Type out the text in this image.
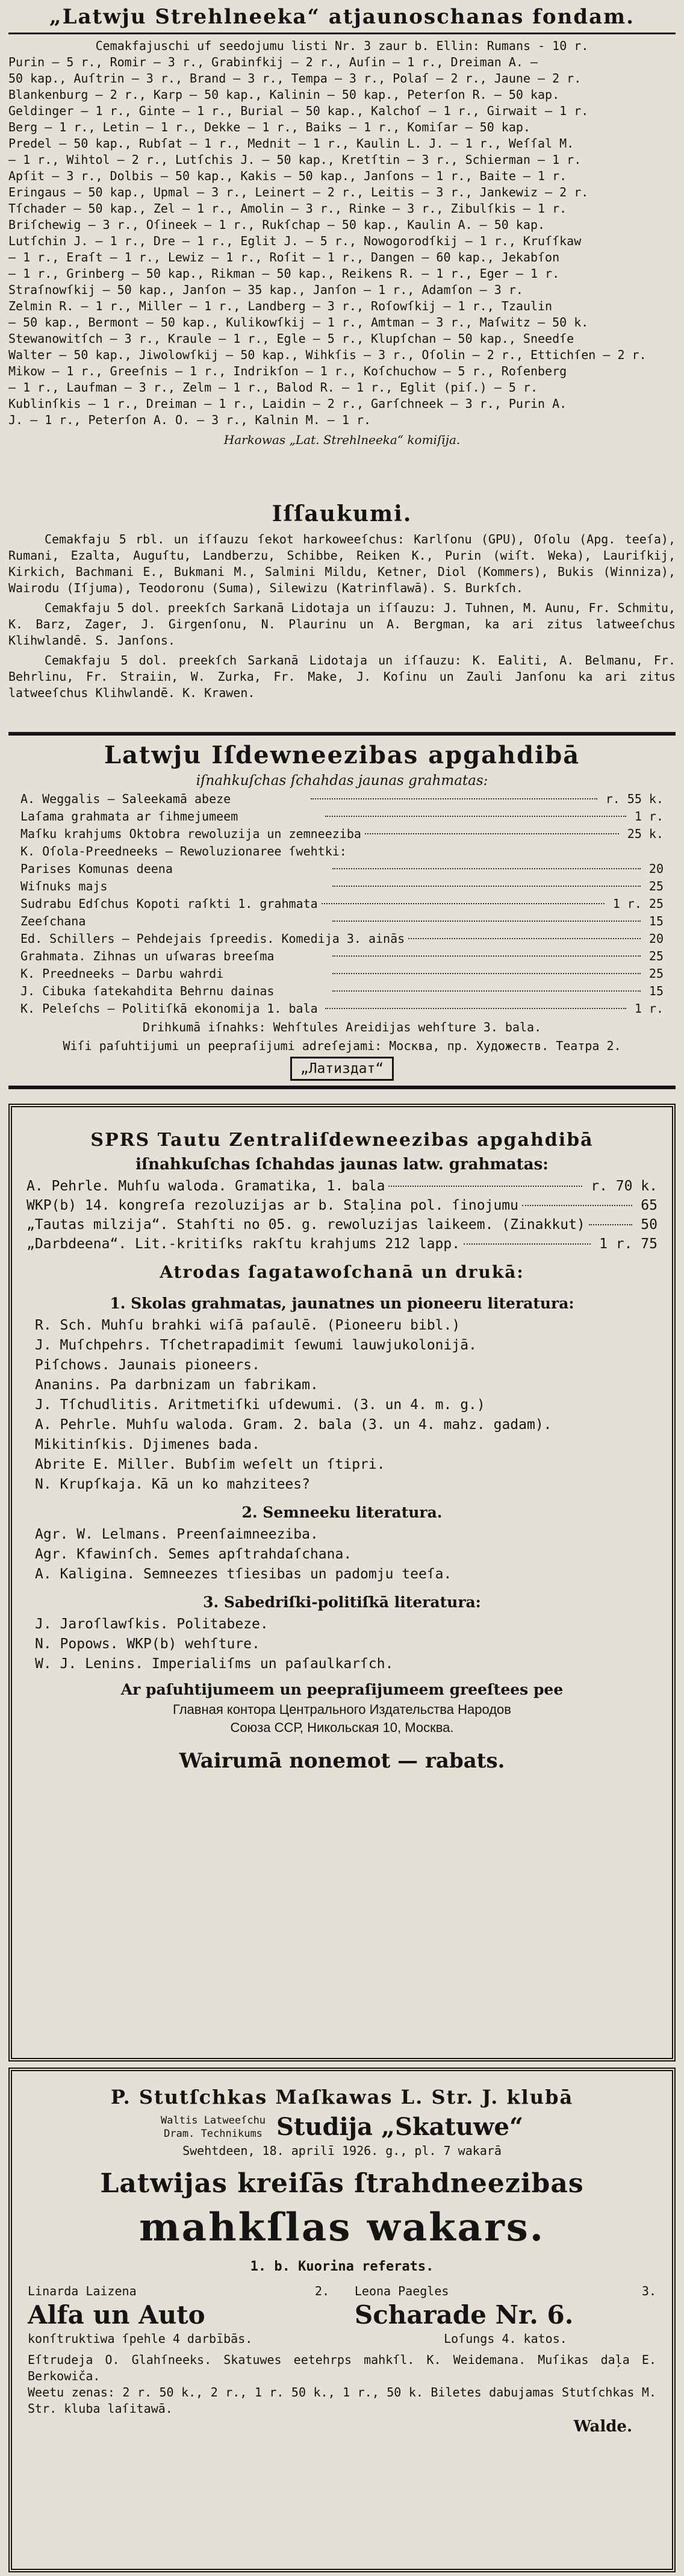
„Latwju Strehlneeka“ atjaunoschanas fondam.
Cemakfajuschi uf seedojumu listi Nr. 3 zaur b. Ellin: Rumans - 10 r.
Purin – 5 r., Romir – 3 r., Grabinfkij – 2 r., Auſin – 1 r., Dreiman A. –
50 kap., Auſtrin – 3 r., Brand – 3 r., Tempa – 3 r., Polaſ – 2 r., Jaune – 2 r.
Blankenburg – 2 r., Karp – 50 kap., Kalinin – 50 kap., Peterſon R. – 50 kap.
Geldinger – 1 r., Ginte – 1 r., Burial – 50 kap., Kalchoſ – 1 r., Girwait – 1 r.
Berg – 1 r., Letin – 1 r., Dekke – 1 r., Baiks – 1 r., Komiſar – 50 kap.
Predel – 50 kap., Rubſat – 1 r., Mednit – 1 r., Kaulin L. J. – 1 r., Weſſal M.
– 1 r., Wihtol – 2 r., Lutſchis J. – 50 kap., Kretſtin – 3 r., Schierman – 1 r.
Apſit – 3 r., Dolbis – 50 kap., Kakis – 50 kap., Janſons – 1 r., Baite – 1 r.
Eringaus – 50 kap., Upmal – 3 r., Leinert – 2 r., Leitis – 3 r., Jankewiz – 2 r.
Tſchader – 50 kap., Zel – 1 r., Amolin – 3 r., Rinke – 3 r., Zibulſkis – 1 r.
Briſchewig – 3 r., Oſineek – 1 r., Rukſchap – 50 kap., Kaulin A. – 50 kap.
Lutſchin J. – 1 r., Dre – 1 r., Eglit J. – 5 r., Nowogorodſkij – 1 r., Kruſſkaw
– 1 r., Eraſt – 1 r., Lewiz – 1 r., Roſit – 1 r., Dangen – 60 kap., Jekabſon
– 1 r., Grinberg – 50 kap., Rikman – 50 kap., Reikens R. – 1 r., Eger – 1 r.
Straſnowſkij – 50 kap., Janſon – 35 kap., Janſon – 1 r., Adamſon – 3 r.
Zelmin R. – 1 r., Miller – 1 r., Landberg – 3 r., Roſowſkij – 1 r., Tzaulin
– 50 kap., Bermont – 50 kap., Kulikowſkij – 1 r., Amtman – 3 r., Maſwitz – 50 k.
Stewanowitſch – 3 r., Kraule – 1 r., Egle – 5 r., Klupſchan – 50 kap., Sneedſe
Walter – 50 kap., Jiwolowſkij – 50 kap., Wihkſis – 3 r., Oſolin – 2 r., Ettichſen – 2 r.
Mikow – 1 r., Greeſnis – 1 r., Indrikſon – 1 r., Koſchuchow – 5 r., Roſenberg
– 1 r., Laufman – 3 r., Zelm – 1 r., Balod R. – 1 r., Eglit (piſ.) – 5 r.
Kublinſkis – 1 r., Dreiman – 1 r., Laidin – 2 r., Garſchneek – 3 r., Purin A.
J. – 1 r., Peterſon A. O. – 3 r., Kalnin M. – 1 r.
Harkowas „Lat. Strehlneeka“ komiſija.
Iſſaukumi.

Cemakfaju 5 rbl. un iſſauzu ſekot harkoweeſchus: Karlſonu (GPU), Oſolu (Apg. teeſa), Rumani, Ezalta, Auguſtu, Landberzu, Schibbe, Reiken K., Purin (wiſt. Weka), Lauriſkij, Kirkich, Bachmani E., Bukmani M., Salmini Mildu, Ketner, Diol (Kommers), Bukis (Winniza), Wairodu (Iſjuma), Teodoronu (Suma), Silewizu (Katrinflawā). S. Burkſch.

Cemakfaju 5 dol. preekſch Sarkanā Lidotaja un iſſauzu: J. Tuhnen, M. Aunu, Fr. Schmitu, K. Barz, Zager, J. Girgenſonu, N. Plaurinu un A. Bergman, ka ari zitus latweeſchus Klihwlandē. S. Janſons.

Cemakfaju 5 dol. preekſch Sarkanā Lidotaja un iſſauzu: K. Ealiti, A. Belmanu, Fr. Behrlinu, Fr. Straiin, W. Zurka, Fr. Make, J. Koſinu un Zauli Janſonu ka ari zitus latweeſchus Klihwlandē. K. Krawen.

Latwju Iſdewneezibas apgahdibā
iſnahkuſchas ſchahdas jaunas grahmatas:
A. Weggalis – Saleekamā abeze	r. 55 k.
Laſama grahmata ar ſihmejumeem	1 r.
Maſku krahjums Oktobra rewoluzija un zemneeziba	25 k.
K. Oſola-Preedneeks – Rewoluzionaree ſwehtki:
Parises Komunas deena	20
Wiſnuks majs	25
Sudrabu Edſchus Kopoti raſkti 1. grahmata	1 r. 25
Zeeſchana	15
Ed. Schillers – Pehdejais ſpreedis. Komedija 3. ainās	20
Grahmata. Zihnas un uſwaras breeſma	25
K. Preedneeks – Darbu wahrdi	25
J. Cibuka ſatekahdita Behrnu dainas	15
K. Peleſchs – Politiſkā ekonomija 1. bala	1 r.
Drihkumā iſnahks: Wehſtules Areidijas wehſture 3. bala.
Wiſi paſuhtijumi un peepraſijumi adreſejami: Москва, пр. Художеств. Театра 2.
„Латиздат“
SPRS Tautu Zentraliſdewneezibas apgahdibā
iſnahkuſchas ſchahdas jaunas latw. grahmatas:
A. Pehrle. Muhſu waloda. Gramatika, 1. bala	r. 70 k.
WKP(b) 14. kongreſa rezoluzijas ar b. Staļina pol. ſinojumu	65
„Tautas milzija“. Stahſti no 05. g. rewoluzijas laikeem. (Zinakkut)	50
„Darbdeena“. Lit.-kritiſks rakſtu krahjums 212 lapp.	1 r. 75
Atrodas ſagatawoſchanā un drukā:
1. Skolas grahmatas, jaunatnes un pioneeru literatura:
R. Sch. Muhſu brahki wiſā paſaulē. (Pioneeru bibl.)
J. Muſchpehrs. Tſchetrapadimit ſewumi lauwjukolonijā.
Piſchows. Jaunais pioneers.
Ananins. Pa darbnizam un fabrikam.
J. Tſchudlitis. Aritmetiſki uſdewumi. (3. un 4. m. g.)
A. Pehrle. Muhſu waloda. Gram. 2. bala (3. un 4. mahz. gadam).
Mikitinſkis. Djimenes bada.
Abrite E. Miller. Bubſim weſelt un ſtipri.
N. Krupſkaja. Kā un ko mahzitees?
2. Semneeku literatura.
Agr. W. Lelmans. Preenſaimneeziba.
Agr. Kfawinſch. Semes apſtrahdaſchana.
A. Kaligina. Semneezes tſiesibas un padomju teeſa.
3. Sabedriſki-politiſkā literatura:
J. Jaroſlawſkis. Politabeze.
N. Popows. WKP(b) wehſture.
W. J. Lenins. Imperialiſms un paſaulkarſch.
Ar paſuhtijumeem un peepraſijumeem greeſtees pee
Главная контора Центрального Издательства Народов
Союза ССР, Никольская 10, Москва.
Wairumā nonemot — rabats.
P. Stutſchkas Maſkawas L. Str. J. klubā
Waltis Latweeſchu
Dram. Technikums Studija „Skatuwe“
Swehtdeen, 18. aprilī 1926. g., pl. 7 wakarā
Latwijas kreiſās ſtrahdneezibas
mahkſlas wakars.
1. b. Kuorina referats.
Linarda Laizena	2.
Alfa un Auto
konſtruktiwa ſpehle 4 darbībās.
Leona Paegles	3.
Scharade Nr. 6.
Loſungs 4. katos.
Eſtrudeja O. Glahſneeks. Skatuwes eetehrps mahkſl. K. Weidemana. Muſikas daļa E. Berkowiča.
Weetu zenas: 2 r. 50 k., 2 r., 1 r. 50 k., 1 r., 50 k. Biletes dabujamas Stutſchkas M. Str. kluba laſitawā.
Walde.
